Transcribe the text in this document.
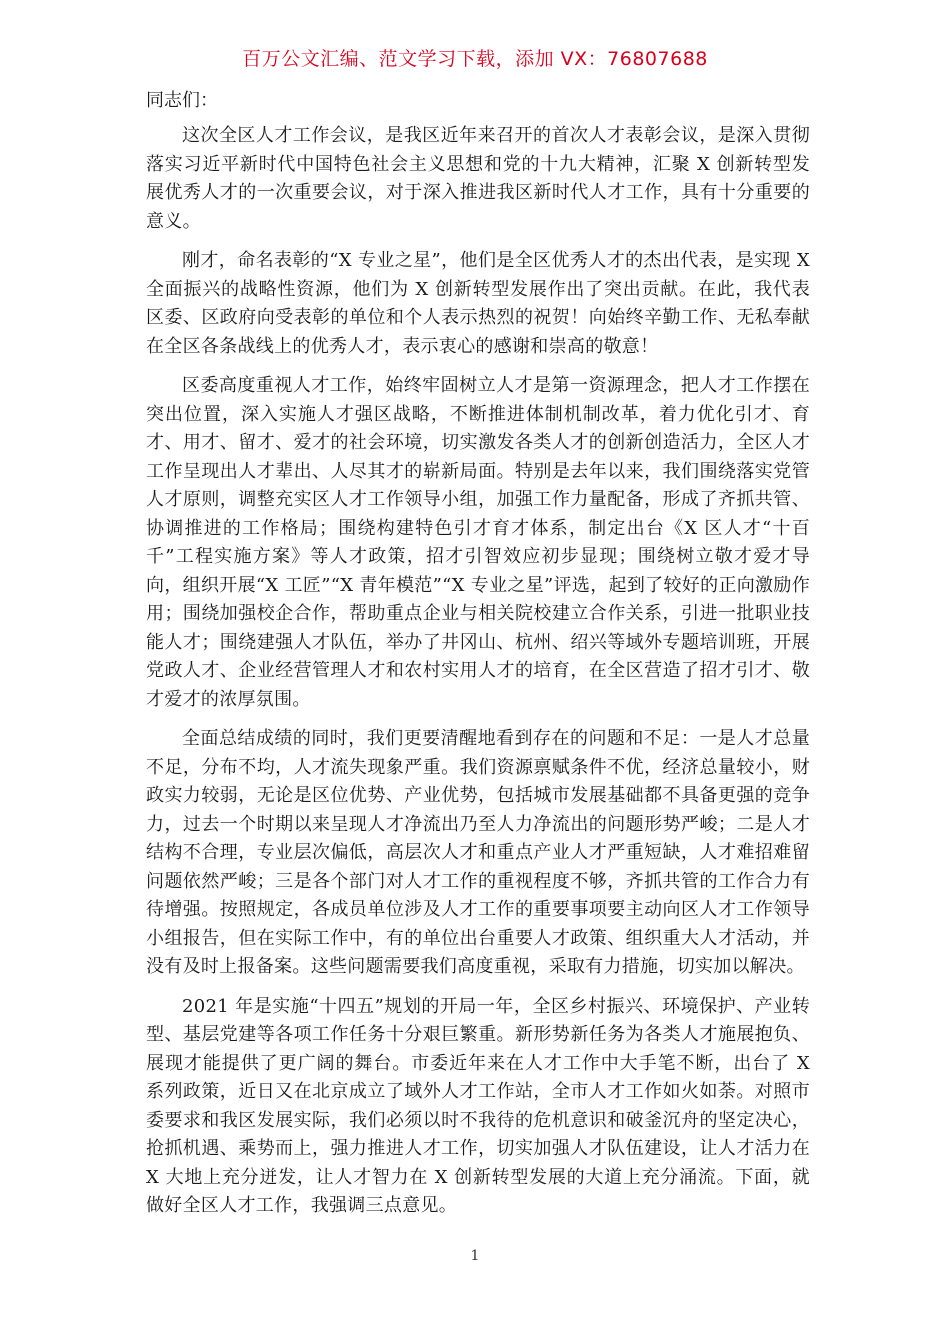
百万公文汇编、范文学习下载，添加 VX：76807688

同志们：

这次全区人才工作会议，是我区近年来召开的首次人才表彰会议，是深入贯彻落实习近平新时代中国特色社会主义思想和党的十九大精神，汇聚 X 创新转型发展优秀人才的一次重要会议，对于深入推进我区新时代人才工作，具有十分重要的意义。

刚才，命名表彰的“X 专业之星”，他们是全区优秀人才的杰出代表，是实现 X 全面振兴的战略性资源，他们为 X 创新转型发展作出了突出贡献。在此，我代表区委、区政府向受表彰的单位和个人表示热烈的祝贺！向始终辛勤工作、无私奉献在全区各条战线上的优秀人才，表示衷心的感谢和崇高的敬意！

区委高度重视人才工作，始终牢固树立人才是第一资源理念，把人才工作摆在突出位置，深入实施人才强区战略，不断推进体制机制改革，着力优化引才、育才、用才、留才、爱才的社会环境，切实激发各类人才的创新创造活力，全区人才工作呈现出人才辈出、人尽其才的崭新局面。特别是去年以来，我们围绕落实党管人才原则，调整充实区人才工作领导小组，加强工作力量配备，形成了齐抓共管、协调推进的工作格局；围绕构建特色引才育才体系，制定出台《X 区人才“十百千”工程实施方案》等人才政策，招才引智效应初步显现；围绕树立敬才爱才导向，组织开展“X 工匠”“X 青年模范”“X 专业之星”评选，起到了较好的正向激励作用；围绕加强校企合作，帮助重点企业与相关院校建立合作关系，引进一批职业技能人才；围绕建强人才队伍，举办了井冈山、杭州、绍兴等域外专题培训班，开展党政人才、企业经营管理人才和农村实用人才的培育，在全区营造了招才引才、敬才爱才的浓厚氛围。

全面总结成绩的同时，我们更要清醒地看到存在的问题和不足：一是人才总量不足，分布不均，人才流失现象严重。我们资源禀赋条件不优，经济总量较小，财政实力较弱，无论是区位优势、产业优势，包括城市发展基础都不具备更强的竞争力，过去一个时期以来呈现人才净流出乃至人力净流出的问题形势严峻；二是人才结构不合理，专业层次偏低，高层次人才和重点产业人才严重短缺，人才难招难留问题依然严峻；三是各个部门对人才工作的重视程度不够，齐抓共管的工作合力有待增强。按照规定，各成员单位涉及人才工作的重要事项要主动向区人才工作领导小组报告，但在实际工作中，有的单位出台重要人才政策、组织重大人才活动，并没有及时上报备案。这些问题需要我们高度重视，采取有力措施，切实加以解决。

2021 年是实施“十四五”规划的开局一年，全区乡村振兴、环境保护、产业转型、基层党建等各项工作任务十分艰巨繁重。新形势新任务为各类人才施展抱负、展现才能提供了更广阔的舞台。市委近年来在人才工作中大手笔不断，出台了 X 系列政策，近日又在北京成立了域外人才工作站，全市人才工作如火如荼。对照市委要求和我区发展实际，我们必须以时不我待的危机意识和破釜沉舟的坚定决心，抢抓机遇、乘势而上，强力推进人才工作，切实加强人才队伍建设，让人才活力在 X 大地上充分迸发，让人才智力在 X 创新转型发展的大道上充分涌流。下面，就做好全区人才工作，我强调三点意见。

1
